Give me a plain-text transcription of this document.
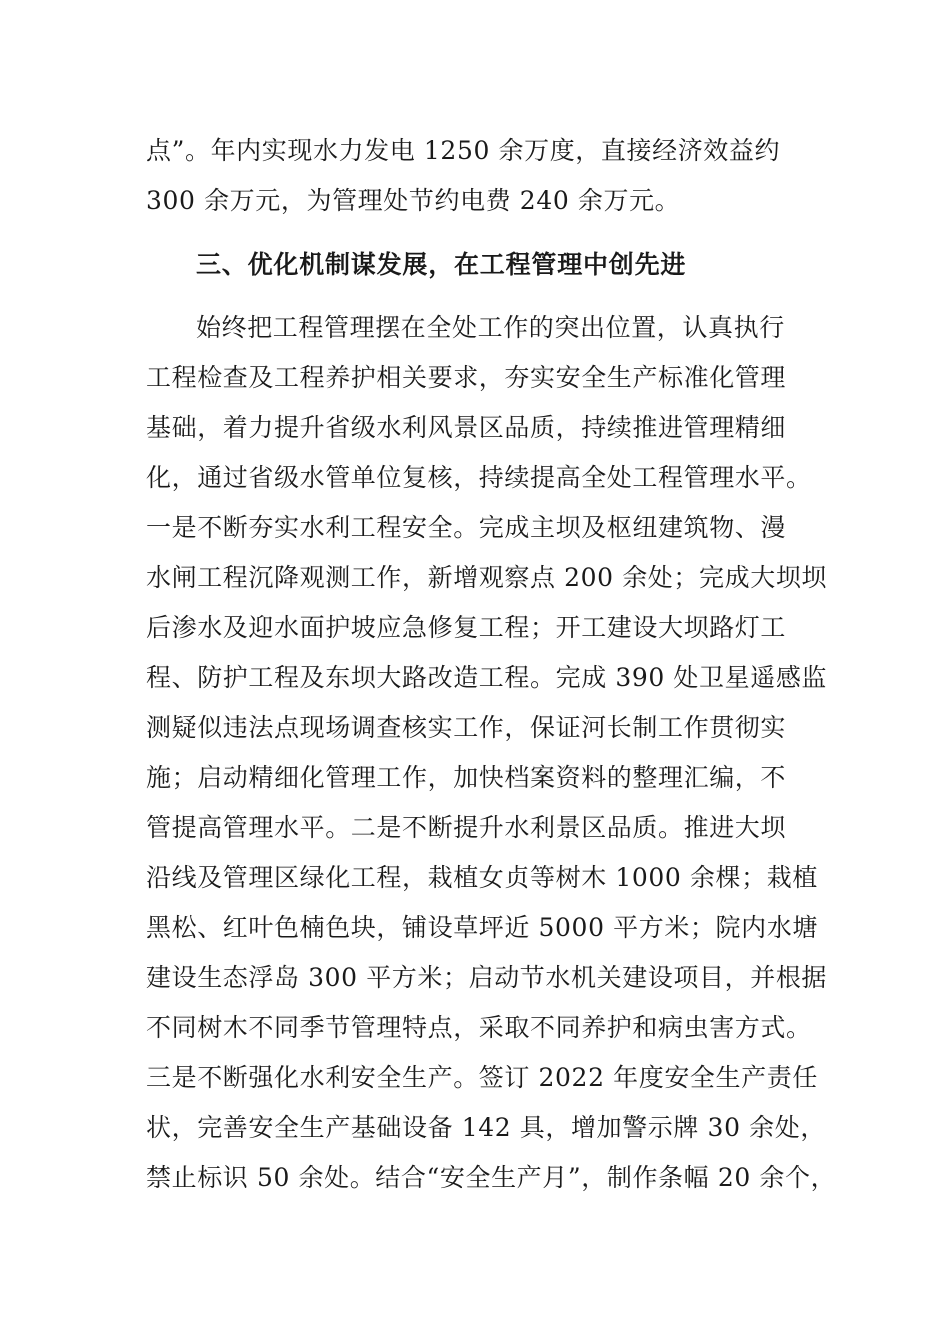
点”。年内实现水力发电 1250 余万度，直接经济效益约
300 余万元，为管理处节约电费 240 余万元。
三、优化机制谋发展，在工程管理中创先进
始终把工程管理摆在全处工作的突出位置，认真执行
工程检查及工程养护相关要求，夯实安全生产标准化管理
基础，着力提升省级水利风景区品质，持续推进管理精细
化，通过省级水管单位复核，持续提高全处工程管理水平。
一是不断夯实水利工程安全。完成主坝及枢纽建筑物、漫
水闸工程沉降观测工作，新增观察点 200 余处；完成大坝坝
后渗水及迎水面护坡应急修复工程；开工建设大坝路灯工
程、防护工程及东坝大路改造工程。完成 390 处卫星遥感监
测疑似违法点现场调查核实工作，保证河长制工作贯彻实
施；启动精细化管理工作，加快档案资料的整理汇编，不
管提高管理水平。二是不断提升水利景区品质。推进大坝
沿线及管理区绿化工程，栽植女贞等树木 1000 余棵；栽植
黑松、红叶色楠色块，铺设草坪近 5000 平方米；院内水塘
建设生态浮岛 300 平方米；启动节水机关建设项目，并根据
不同树木不同季节管理特点，采取不同养护和病虫害方式。
三是不断强化水利安全生产。签订 2022 年度安全生产责任
状，完善安全生产基础设备 142 具，增加警示牌 30 余处，
禁止标识 50 余处。结合“安全生产月”，制作条幅 20 余个，
